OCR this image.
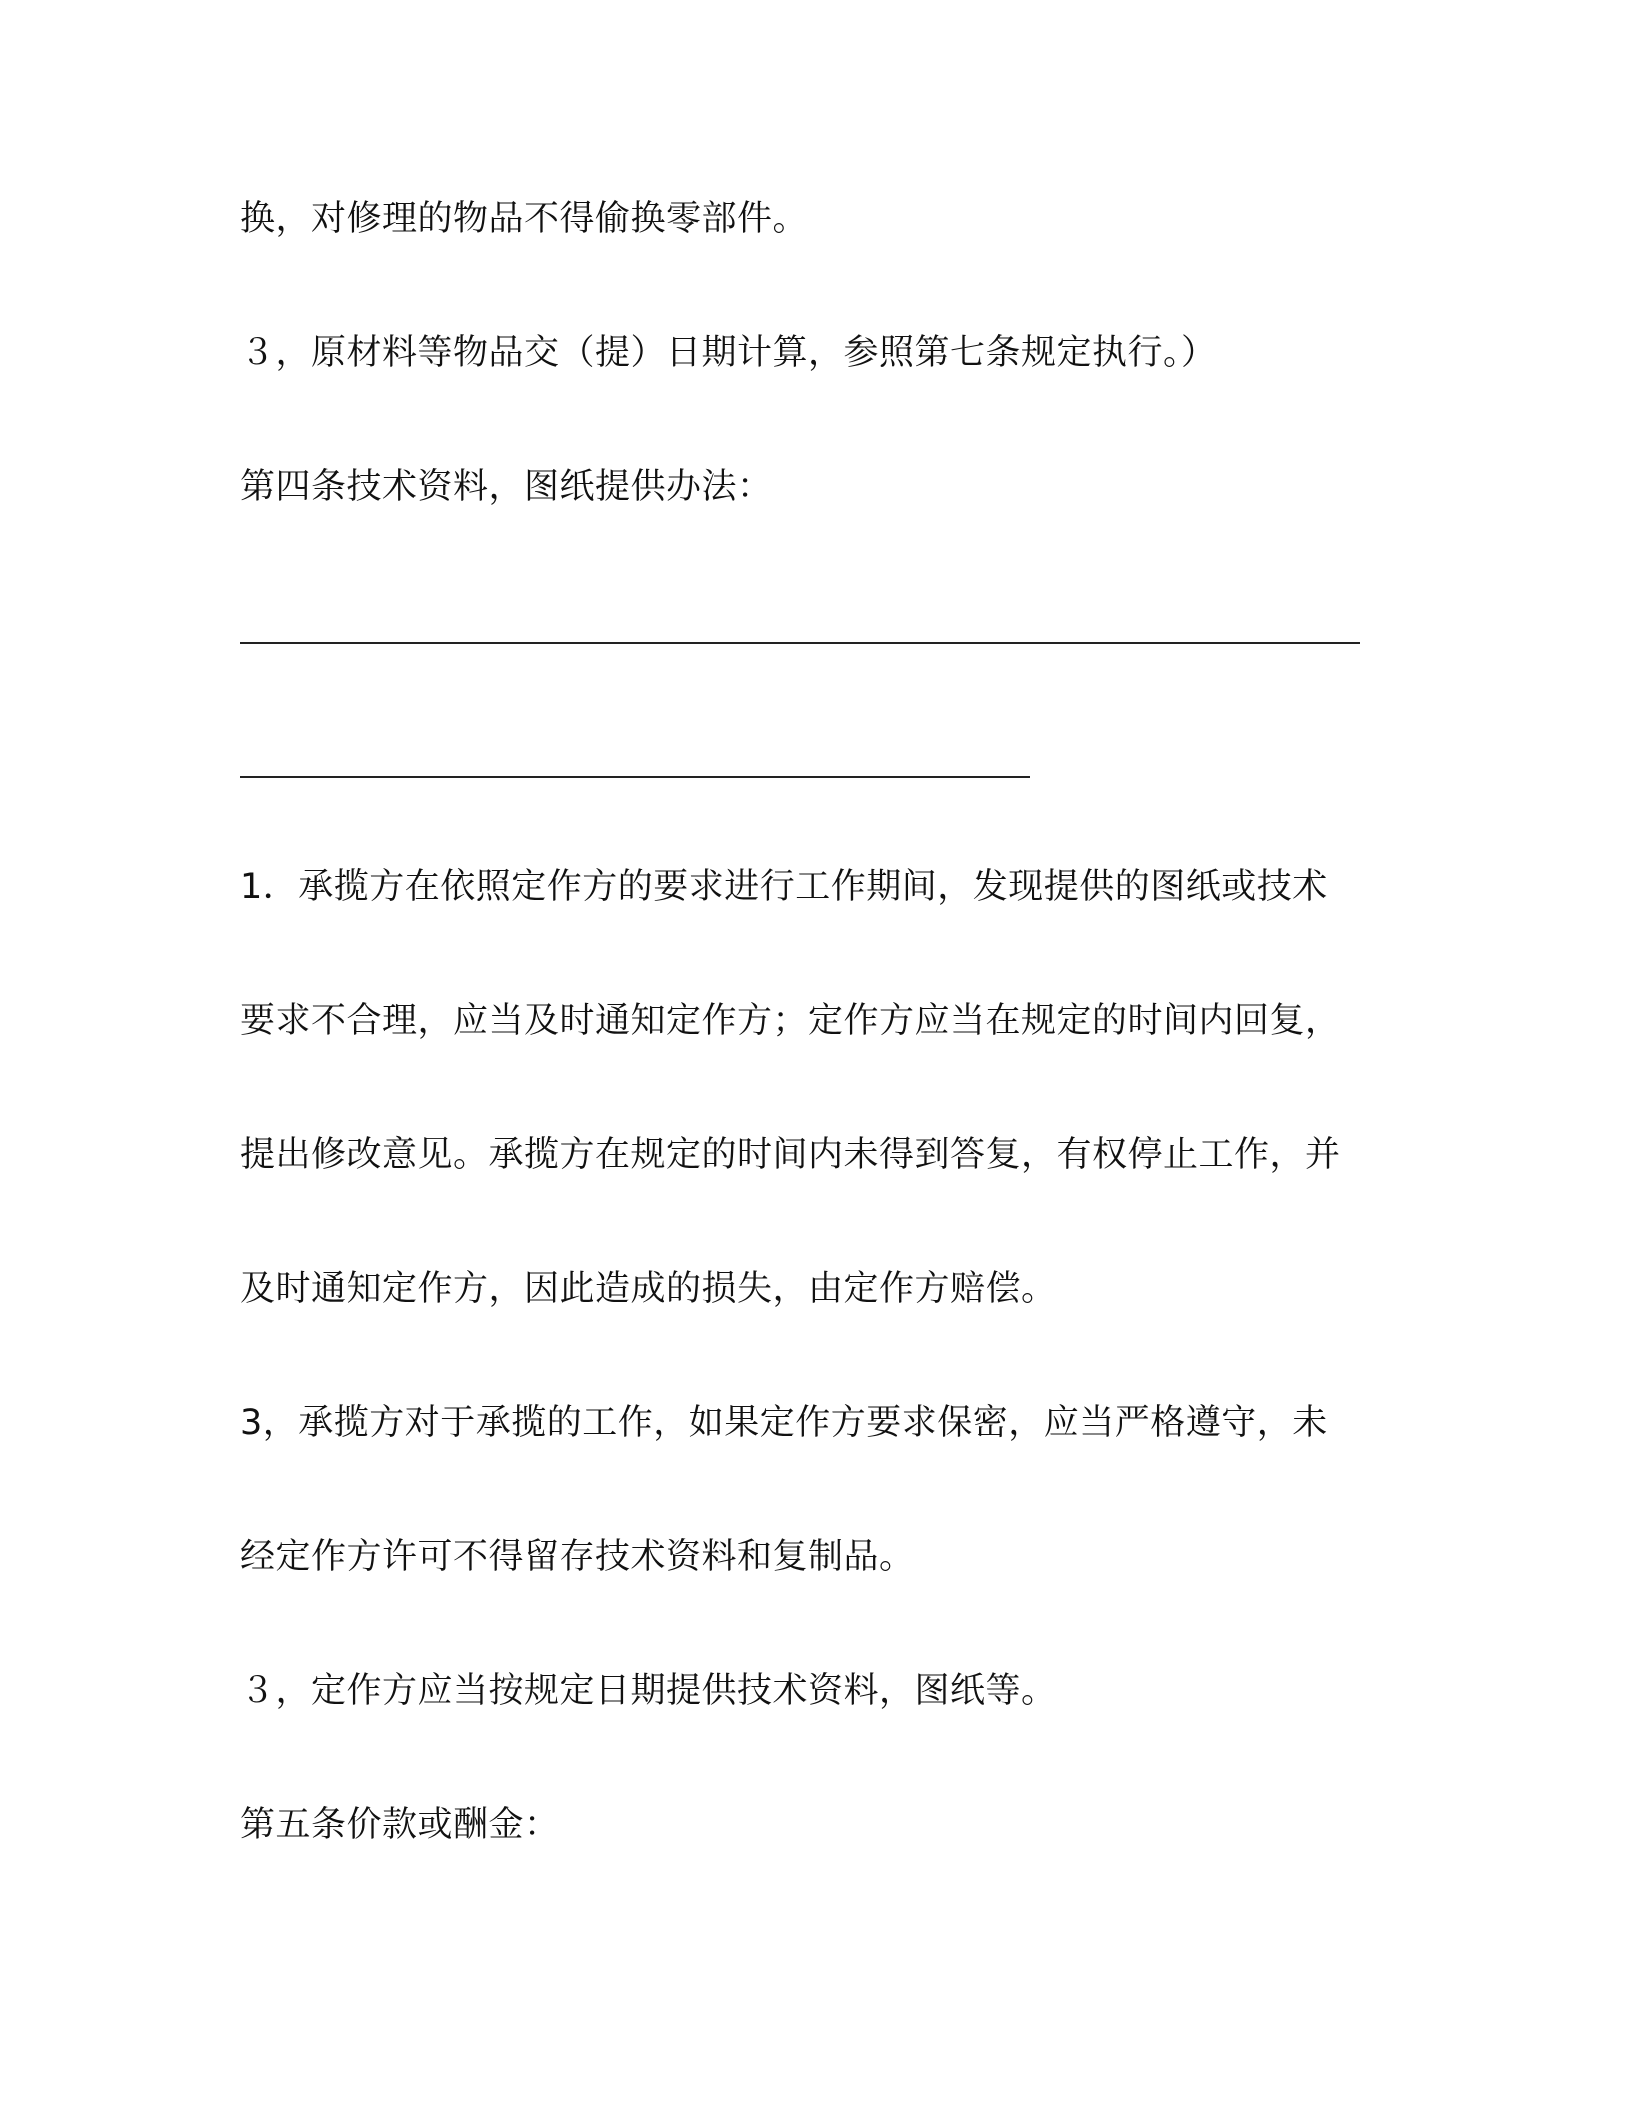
换，对修理的物品不得偷换零部件。

３，原材料等物品交（提）日期计算，参照第七条规定执行。）

第四条技术资料，图纸提供办法：

1．承揽方在依照定作方的要求进行工作期间，发现提供的图纸或技术

要求不合理，应当及时通知定作方；定作方应当在规定的时间内回复，

提出修改意见。承揽方在规定的时间内未得到答复，有权停止工作，并

及时通知定作方，因此造成的损失，由定作方赔偿。

3，承揽方对于承揽的工作，如果定作方要求保密，应当严格遵守，未

经定作方许可不得留存技术资料和复制品。

３，定作方应当按规定日期提供技术资料，图纸等。

第五条价款或酬金：
